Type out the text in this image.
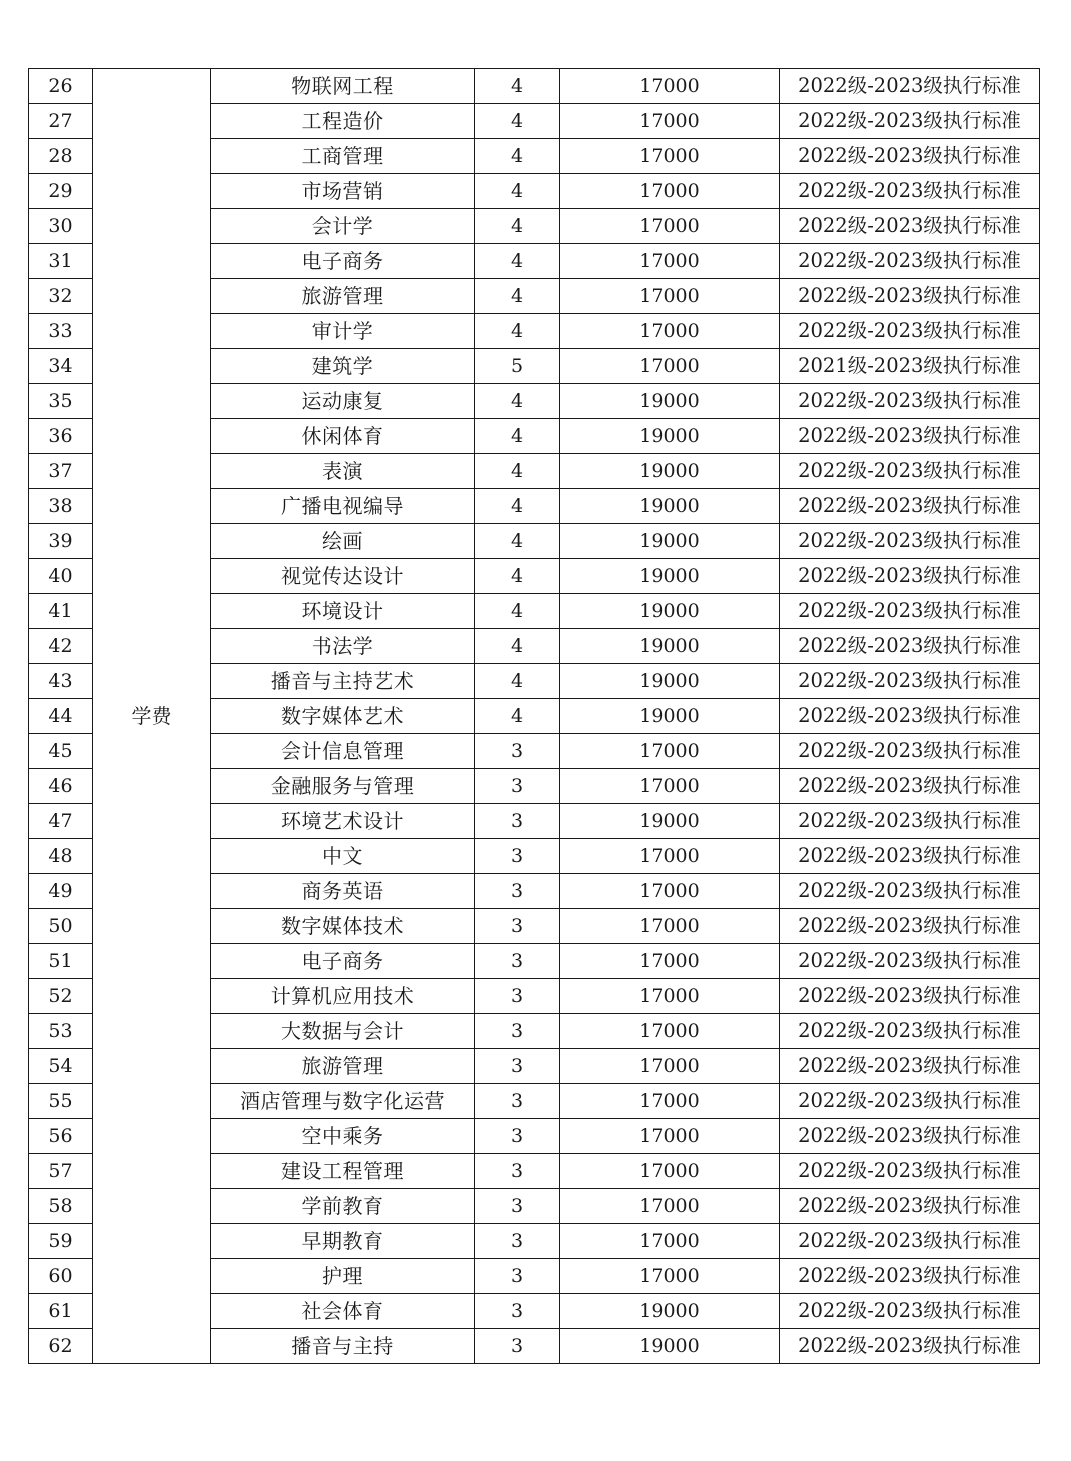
26	学费	物联网工程	4	17000	2022级-2023级执行标准
27		工程造价	4	17000	2022级-2023级执行标准
28		工商管理	4	17000	2022级-2023级执行标准
29		市场营销	4	17000	2022级-2023级执行标准
30		会计学	4	17000	2022级-2023级执行标准
31		电子商务	4	17000	2022级-2023级执行标准
32		旅游管理	4	17000	2022级-2023级执行标准
33		审计学	4	17000	2022级-2023级执行标准
34		建筑学	5	17000	2021级-2023级执行标准
35		运动康复	4	19000	2022级-2023级执行标准
36		休闲体育	4	19000	2022级-2023级执行标准
37		表演	4	19000	2022级-2023级执行标准
38		广播电视编导	4	19000	2022级-2023级执行标准
39		绘画	4	19000	2022级-2023级执行标准
40		视觉传达设计	4	19000	2022级-2023级执行标准
41		环境设计	4	19000	2022级-2023级执行标准
42		书法学	4	19000	2022级-2023级执行标准
43		播音与主持艺术	4	19000	2022级-2023级执行标准
44		数字媒体艺术	4	19000	2022级-2023级执行标准
45		会计信息管理	3	17000	2022级-2023级执行标准
46		金融服务与管理	3	17000	2022级-2023级执行标准
47		环境艺术设计	3	19000	2022级-2023级执行标准
48		中文	3	17000	2022级-2023级执行标准
49		商务英语	3	17000	2022级-2023级执行标准
50		数字媒体技术	3	17000	2022级-2023级执行标准
51		电子商务	3	17000	2022级-2023级执行标准
52		计算机应用技术	3	17000	2022级-2023级执行标准
53		大数据与会计	3	17000	2022级-2023级执行标准
54		旅游管理	3	17000	2022级-2023级执行标准
55		酒店管理与数字化运营	3	17000	2022级-2023级执行标准
56		空中乘务	3	17000	2022级-2023级执行标准
57		建设工程管理	3	17000	2022级-2023级执行标准
58		学前教育	3	17000	2022级-2023级执行标准
59		早期教育	3	17000	2022级-2023级执行标准
60		护理	3	17000	2022级-2023级执行标准
61		社会体育	3	19000	2022级-2023级执行标准
62		播音与主持	3	19000	2022级-2023级执行标准
